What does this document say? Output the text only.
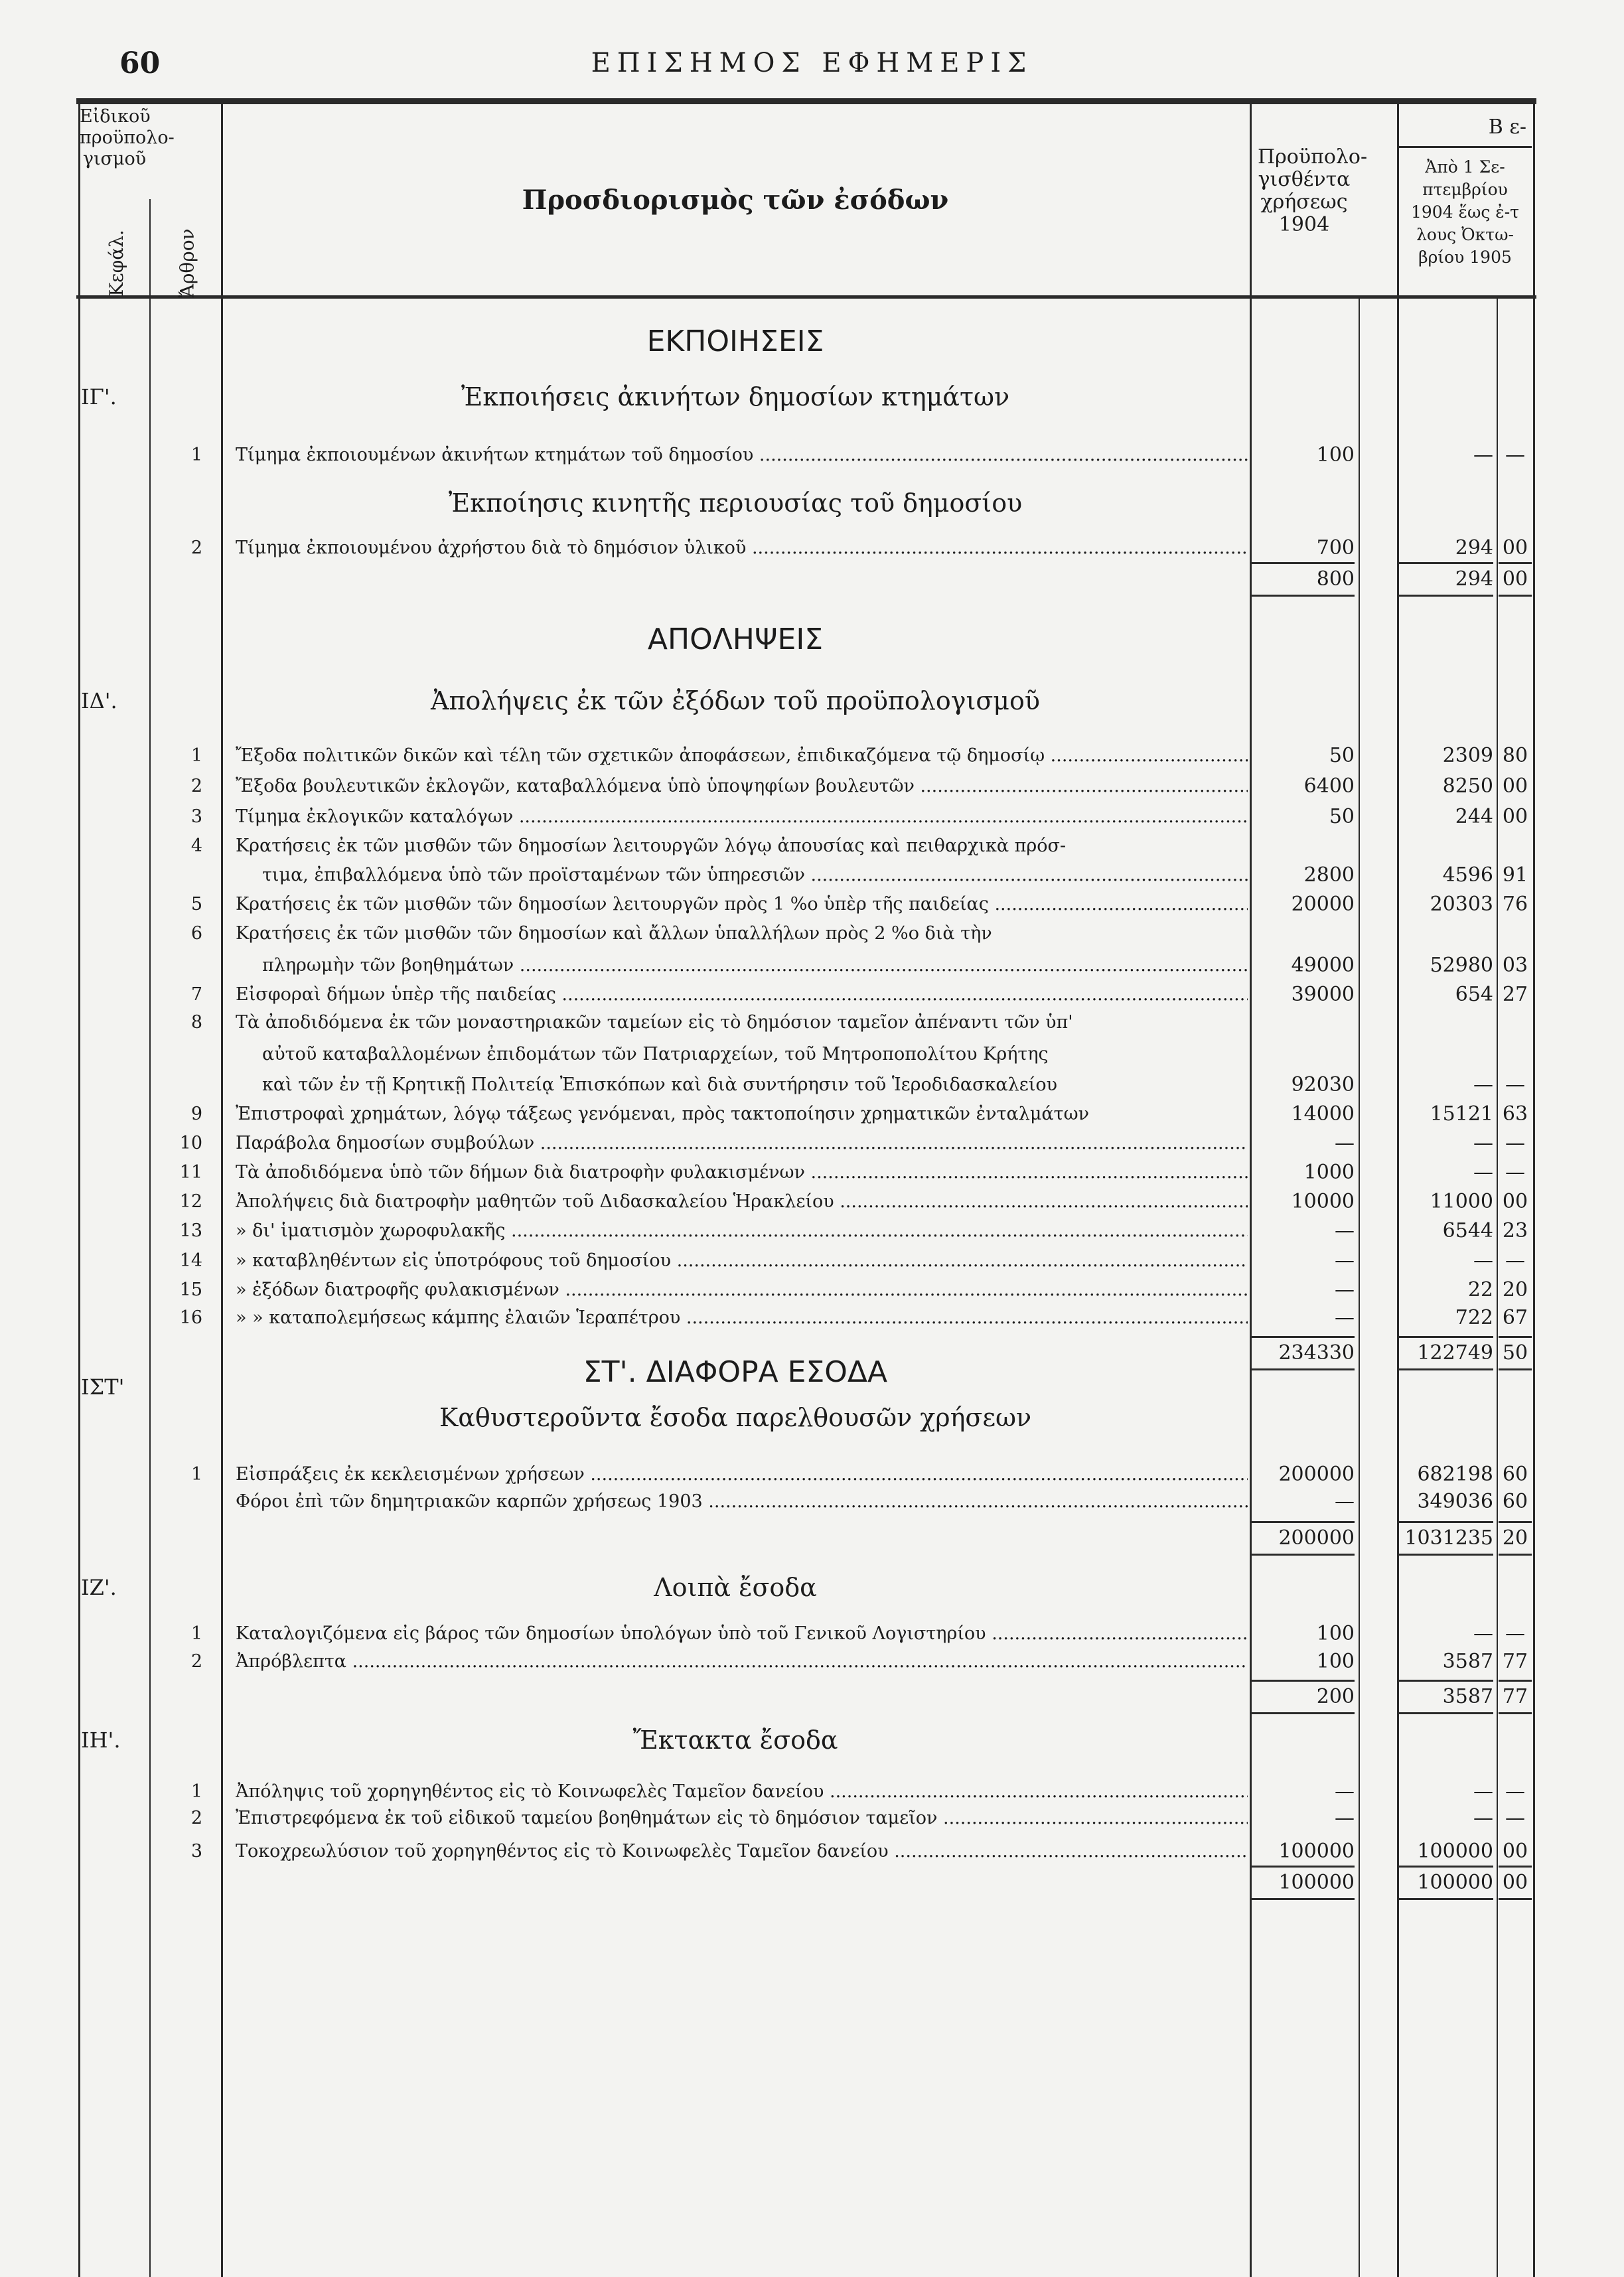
60	ΕΠΙΣΗΜΟΣ ΕΦΗΜΕΡΙΣ
Εἰδικοῦ προϋπολο-γισμοῦ
Κεφάλ.	Ἄρθρον
Προσδιορισμὸς τῶν ἐσόδων
Προϋπολο-γισθέντα χρήσεως 1904
Β ε-
Ἀπὸ 1 Σε-πτεμβρίου 1904 ἕως ἐ-τ λους Ὀκτω-βρίου 1905
ΕΚΠΟΙΗΣΕΙΣ
ΙΓ'.	Ἐκποιήσεις ἀκινήτων δημοσίων κτημάτων
1 Τίμημα ἐκποιουμένων ἀκινήτων κτημάτων τοῦ δημοσίου .....	100	— —
Ἐκποίησις κινητῆς περιουσίας τοῦ δημοσίου
2 Τίμημα ἐκποιουμένου ἀχρήστου διὰ τὸ δημόσιον ὑλικοῦ .....	700	294 00
800	294 00
ΑΠΟΛΗΨΕΙΣ
ΙΔ'.	Ἀπολήψεις ἐκ τῶν ἐξόδων τοῦ προϋπολογισμοῦ
1 Ἔξοδα πολιτικῶν δικῶν καὶ τέλη τῶν σχετικῶν ἀποφάσεων, ἐπιδικαζόμενα τῷ δημοσίῳ .....	50	2309 80
2 Ἔξοδα βουλευτικῶν ἐκλογῶν, καταβαλλόμενα ὑπὸ ὑποψηφίων βουλευτῶν .....	6400	8250 00
3 Τίμημα ἐκλογικῶν καταλόγων .....	50	244 00
4 Κρατήσεις ἐκ τῶν μισθῶν τῶν δημοσίων λειτουργῶν λόγῳ ἀπουσίας καὶ πειθαρχικὰ πρόσ-
τιμα, ἐπιβαλλόμενα ὑπὸ τῶν προϊσταμένων τῶν ὑπηρεσιῶν .....	2800	4596 91
5 Κρατήσεις ἐκ τῶν μισθῶν τῶν δημοσίων λειτουργῶν πρὸς 1 %ο ὑπὲρ τῆς παιδείας .....	20000	20303 76
6 Κρατήσεις ἐκ τῶν μισθῶν τῶν δημοσίων καὶ ἄλλων ὑπαλλήλων πρὸς 2 %ο διὰ τὴν
πληρωμὴν τῶν βοηθημάτων .....	49000	52980 03
7 Εἰσφοραὶ δήμων ὑπὲρ τῆς παιδείας .....	39000	654 27
8 Τὰ ἀποδιδόμενα ἐκ τῶν μοναστηριακῶν ταμείων εἰς τὸ δημόσιον ταμεῖον ἀπέναντι τῶν ὑπ'
αὐτοῦ καταβαλλομένων ἐπιδομάτων τῶν Πατριαρχείων, τοῦ Μητροποπολίτου Κρήτης
καὶ τῶν ἐν τῇ Κρητικῇ Πολιτείᾳ Ἐπισκόπων καὶ διὰ συντήρησιν τοῦ Ἱεροδιδασκαλείου	92030	— —
9 Ἐπιστροφαὶ χρημάτων, λόγῳ τάξεως γενόμεναι, πρὸς τακτοποίησιν χρηματικῶν ἐνταλμάτων	14000	15121 63
10 Παράβολα δημοσίων συμβούλων .....	—	— —
11 Τὰ ἀποδιδόμενα ὑπὸ τῶν δήμων διὰ διατροφὴν φυλακισμένων .....	1000	— —
12 Ἀπολήψεις διὰ διατροφὴν μαθητῶν τοῦ Διδασκαλείου Ἡρακλείου .....	10000	11000 00
13 » δι' ἱματισμὸν χωροφυλακῆς .....	—	6544 23
14 » καταβληθέντων εἰς ὑποτρόφους τοῦ δημοσίου .....	—	— —
15 » ἐξόδων διατροφῆς φυλακισμένων .....	—	22 20
16 » » καταπολεμήσεως κάμπης ἐλαιῶν Ἱεραπέτρου .....	—	722 67
234330	122749 50
ΙΣΤ'	ΣΤ'. ΔΙΑΦΟΡΑ ΕΣΟΔΑ
Καθυστεροῦντα ἔσοδα παρελθουσῶν χρήσεων
1 Εἰσπράξεις ἐκ κεκλεισμένων χρήσεων .....	200000	682198 60
Φόροι ἐπὶ τῶν δημητριακῶν καρπῶν χρήσεως 1903 .....	—	349036 60
200000	1031235 20
ΙΖ'.	Λοιπὰ ἔσοδα
1 Καταλογιζόμενα εἰς βάρος τῶν δημοσίων ὑπολόγων ὑπὸ τοῦ Γενικοῦ Λογιστηρίου .....	100	— —
2 Ἀπρόβλεπτα .....	100	3587 77
200	3587 77
ΙΗ'.	Ἔκτακτα ἔσοδα
1 Ἀπόληψις τοῦ χορηγηθέντος εἰς τὸ Κοινωφελὲς Ταμεῖον δανείου .....	—	— —
2 Ἐπιστρεφόμενα ἐκ τοῦ εἰδικοῦ ταμείου βοηθημάτων εἰς τὸ δημόσιον ταμεῖον .....	—	— —
3 Τοκοχρεωλύσιον τοῦ χορηγηθέντος εἰς τὸ Κοινωφελὲς Ταμεῖον δανείου .....	100000	100000 00
100000	100000 00
